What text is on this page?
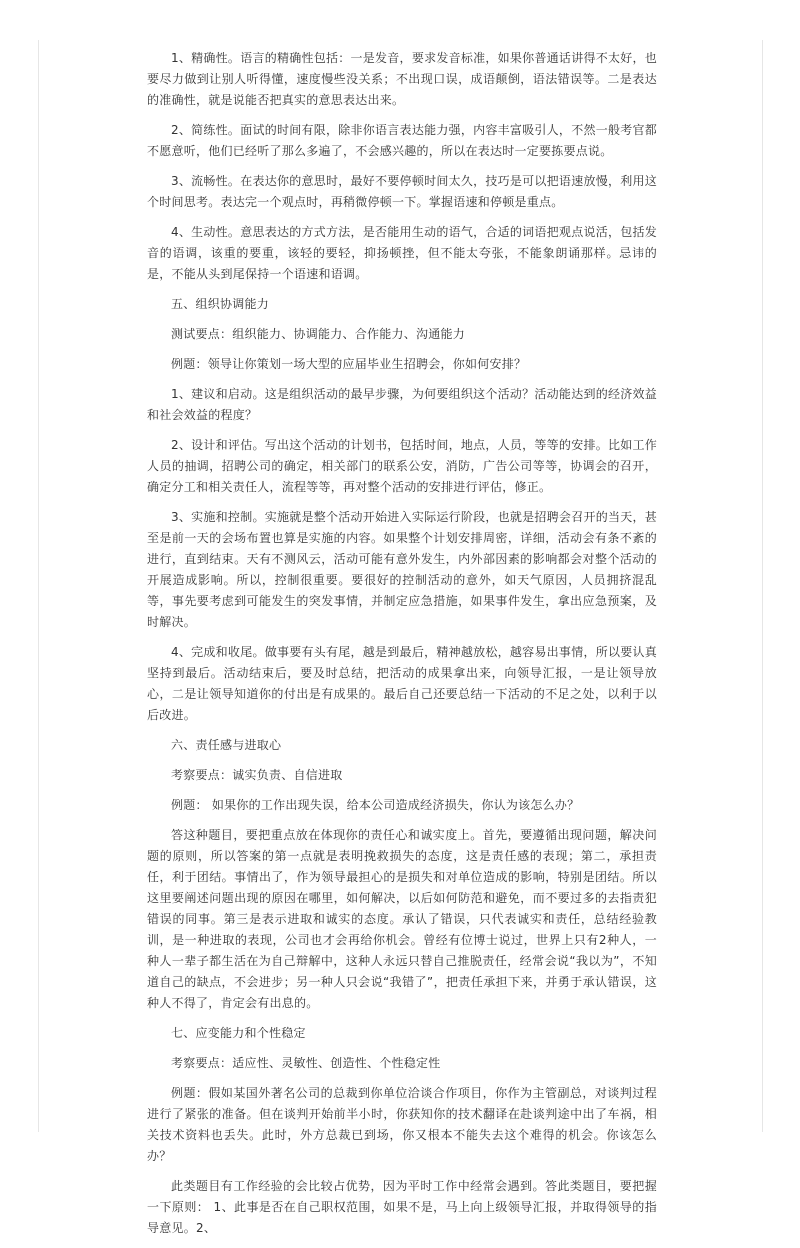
1、精确性。语言的精确性包括：一是发音，要求发音标准，如果你普通话讲得不太好，也要尽力做到让别人听得懂，速度慢些没关系；不出现口误，成语颠倒，语法错误等。二是表达的准确性，就是说能否把真实的意思表达出来。

2、简练性。面试的时间有限，除非你语言表达能力强，内容丰富吸引人，不然一般考官都不愿意听，他们已经听了那么多遍了，不会感兴趣的，所以在表达时一定要拣要点说。

3、流畅性。在表达你的意思时，最好不要停顿时间太久，技巧是可以把语速放慢，利用这个时间思考。表达完一个观点时，再稍微停顿一下。掌握语速和停顿是重点。

4、生动性。意思表达的方式方法，是否能用生动的语气，合适的词语把观点说活，包括发音的语调，该重的要重，该轻的要轻，抑扬顿挫，但不能太夸张，不能象朗诵那样。忌讳的是，不能从头到尾保持一个语速和语调。

五、组织协调能力

测试要点：组织能力、协调能力、合作能力、沟通能力

例题：领导让你策划一场大型的应届毕业生招聘会，你如何安排？

1、建议和启动。这是组织活动的最早步骤，为何要组织这个活动？活动能达到的经济效益和社会效益的程度？

2、设计和评估。写出这个活动的计划书，包括时间，地点，人员，等等的安排。比如工作人员的抽调，招聘公司的确定，相关部门的联系公安，消防，广告公司等等，协调会的召开，确定分工和相关责任人，流程等等，再对整个活动的安排进行评估，修正。

3、实施和控制。实施就是整个活动开始进入实际运行阶段，也就是招聘会召开的当天，甚至是前一天的会场布置也算是实施的内容。如果整个计划安排周密，详细，活动会有条不紊的进行，直到结束。天有不测风云，活动可能有意外发生，内外部因素的影响都会对整个活动的开展造成影响。所以，控制很重要。要很好的控制活动的意外，如天气原因，人员拥挤混乱等，事先要考虑到可能发生的突发事情，并制定应急措施，如果事件发生，拿出应急预案，及时解决。

4、完成和收尾。做事要有头有尾，越是到最后，精神越放松，越容易出事情，所以要认真坚持到最后。活动结束后，要及时总结，把活动的成果拿出来，向领导汇报，一是让领导放心，二是让领导知道你的付出是有成果的。最后自己还要总结一下活动的不足之处，以利于以后改进。

六、责任感与进取心

考察要点：诚实负责、自信进取

例题： 如果你的工作出现失误，给本公司造成经济损失，你认为该怎么办？

答这种题目，要把重点放在体现你的责任心和诚实度上。首先，要遵循出现问题，解决问题的原则，所以答案的第一点就是表明挽救损失的态度，这是责任感的表现；第二，承担责任，利于团结。事情出了，作为领导最担心的是损失和对单位造成的影响，特别是团结。所以这里要阐述问题出现的原因在哪里，如何解决，以后如何防范和避免，而不要过多的去指责犯错误的同事。第三是表示进取和诚实的态度。承认了错误，只代表诚实和责任，总结经验教训，是一种进取的表现，公司也才会再给你机会。曾经有位博士说过，世界上只有2种人，一种人一辈子都生活在为自己辩解中，这种人永远只替自己推脱责任，经常会说“我以为”，不知道自己的缺点，不会进步；另一种人只会说“我错了”，把责任承担下来，并勇于承认错误，这种人不得了，肯定会有出息的。

七、应变能力和个性稳定

考察要点：适应性、灵敏性、创造性、个性稳定性

例题：假如某国外著名公司的总裁到你单位洽谈合作项目，你作为主管副总，对谈判过程进行了紧张的准备。但在谈判开始前半小时，你获知你的技术翻译在赴谈判途中出了车祸，相关技术资料也丢失。此时，外方总裁已到场，你又根本不能失去这个难得的机会。你该怎么办？

此类题目有工作经验的会比较占优势，因为平时工作中经常会遇到。答此类题目，要把握一下原则： 1、此事是否在自己职权范围，如果不是，马上向上级领导汇报，并取得领导的指导意见。2、
